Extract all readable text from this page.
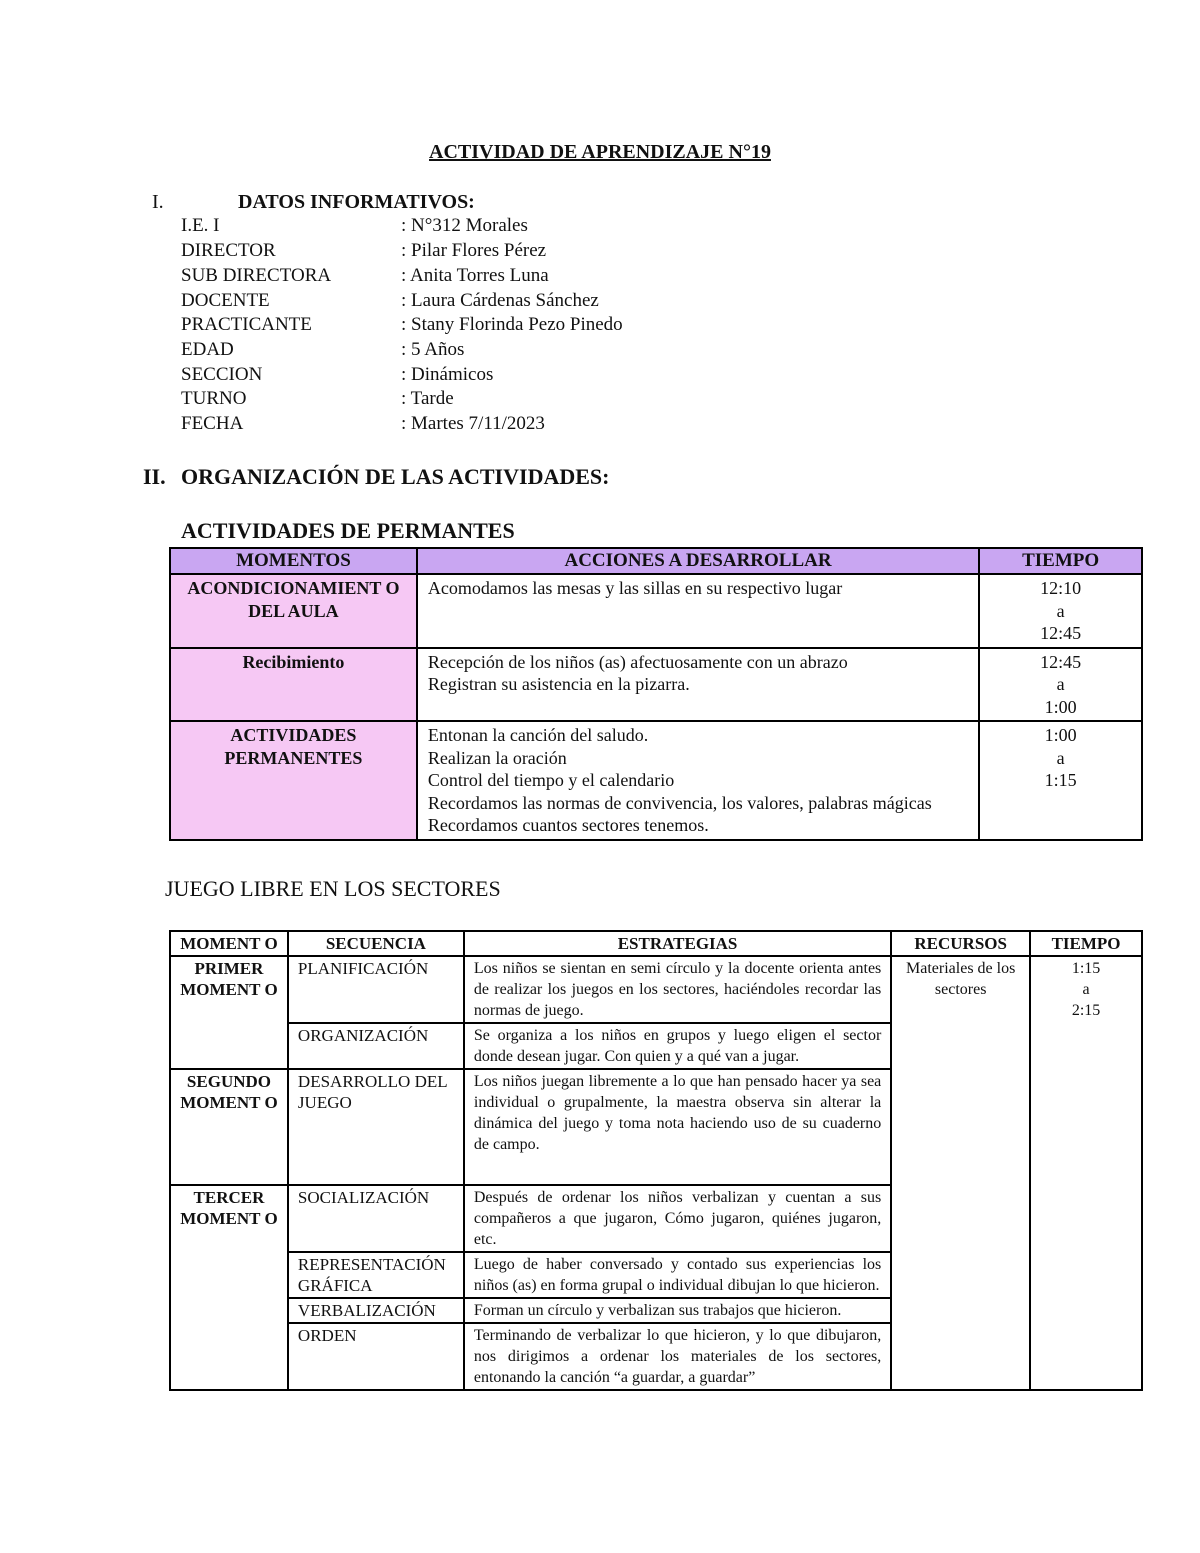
ACTIVIDAD DE APRENDIZAJE N°19
I.	DATOS INFORMATIVOS:
I.E. I	: N°312 Morales
DIRECTOR	: Pilar Flores Pérez
SUB DIRECTORA	: Anita Torres Luna
DOCENTE	: Laura Cárdenas Sánchez
PRACTICANTE	: Stany Florinda Pezo Pinedo
EDAD	: 5 Años
SECCION	: Dinámicos
TURNO	: Tarde
FECHA	: Martes 7/11/2023
II. ORGANIZACIÓN DE LAS ACTIVIDADES:
ACTIVIDADES DE PERMANTES
MOMENTOS	ACCIONES A DESARROLLAR	TIEMPO
ACONDICIONAMIENT O DEL AULA	Acomodamos las mesas y las sillas en su respectivo lugar	12:10
a
12:45

Recibimiento	Recepción de los niños (as) afectuosamente con un abrazo
Registran su asistencia en la pizarra.	12:45
a
1:00

ACTIVIDADES PERMANENTES	Entonan la canción del saludo.
Realizan la oración
Control del tiempo y el calendario
Recordamos las normas de convivencia, los valores, palabras mágicas
Recordamos cuantos sectores tenemos.	1:00
a
1:15
JUEGO LIBRE EN LOS SECTORES
MOMENT O	SECUENCIA	ESTRATEGIAS	RECURSOS	TIEMPO
PRIMER MOMENT O	PLANIFICACIÓN	Los niños se sientan en semi círculo y la docente orienta antes de realizar los juegos en los sectores, haciéndoles recordar las normas de juego.	Materiales de los sectores	1:15
a
2:15

	ORGANIZACIÓN	Se organiza a los niños en grupos y luego eligen el sector donde desean jugar. Con quien y a qué van a jugar.		
SEGUNDO MOMENT O	DESARROLLO DEL JUEGO	Los niños juegan libremente a lo que han pensado hacer ya sea individual o grupalmente, la maestra observa sin alterar la dinámica del juego y toma nota haciendo uso de su cuaderno de campo.		
TERCER MOMENT O	SOCIALIZACIÓN	Después de ordenar los niños verbalizan y cuentan a sus compañeros a que jugaron, Cómo jugaron, quiénes jugaron, etc.		
	REPRESENTACIÓN GRÁFICA	Luego de haber conversado y contado sus experiencias los niños (as) en forma grupal o individual dibujan lo que hicieron.		
	VERBALIZACIÓN	Forman un círculo y verbalizan sus trabajos que hicieron.		
	ORDEN	Terminando de verbalizar lo que hicieron, y lo que dibujaron, nos dirigimos a ordenar los materiales de los sectores, entonando la canción “a guardar, a guardar”		
